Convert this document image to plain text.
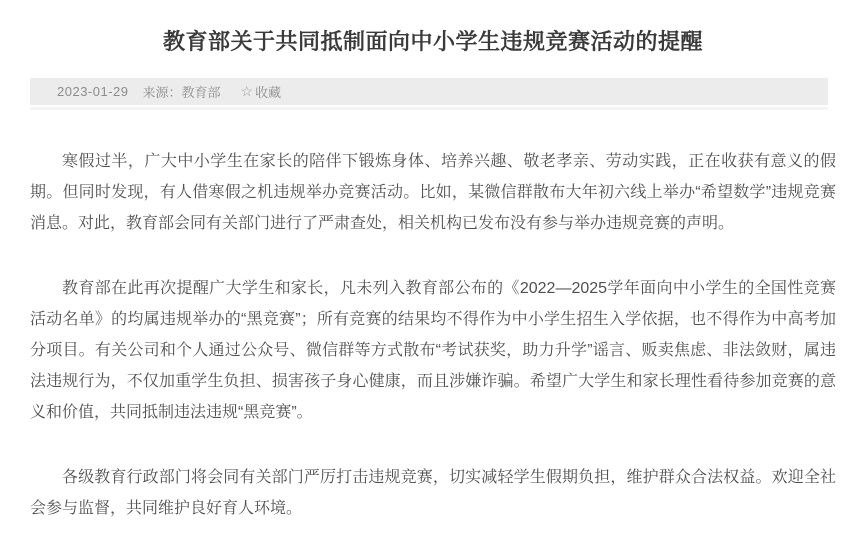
教育部关于共同抵制面向中小学生违规竞赛活动的提醒
2023-01-29 来源：教育部 ☆ 收藏

寒假过半，广大中小学生在家长的陪伴下锻炼身体、培养兴趣、敬老孝亲、劳动实践，正在收获有意义的假期。但同时发现，有人借寒假之机违规举办竞赛活动。比如，某微信群散布大年初六线上举办“希望数学”违规竞赛消息。对此，教育部会同有关部门进行了严肃查处，相关机构已发布没有参与举办违规竞赛的声明。

教育部在此再次提醒广大学生和家长，凡未列入教育部公布的《2022—2025学年面向中小学生的全国性竞赛活动名单》的均属违规举办的“黑竞赛”；所有竞赛的结果均不得作为中小学生招生入学依据，也不得作为中高考加分项目。有关公司和个人通过公众号、微信群等方式散布“考试获奖，助力升学”谣言、贩卖焦虑、非法敛财，属违法违规行为，不仅加重学生负担、损害孩子身心健康，而且涉嫌诈骗。希望广大学生和家长理性看待参加竞赛的意义和价值，共同抵制违法违规“黑竞赛”。

各级教育行政部门将会同有关部门严厉打击违规竞赛，切实减轻学生假期负担，维护群众合法权益。欢迎全社会参与监督，共同维护良好育人环境。
